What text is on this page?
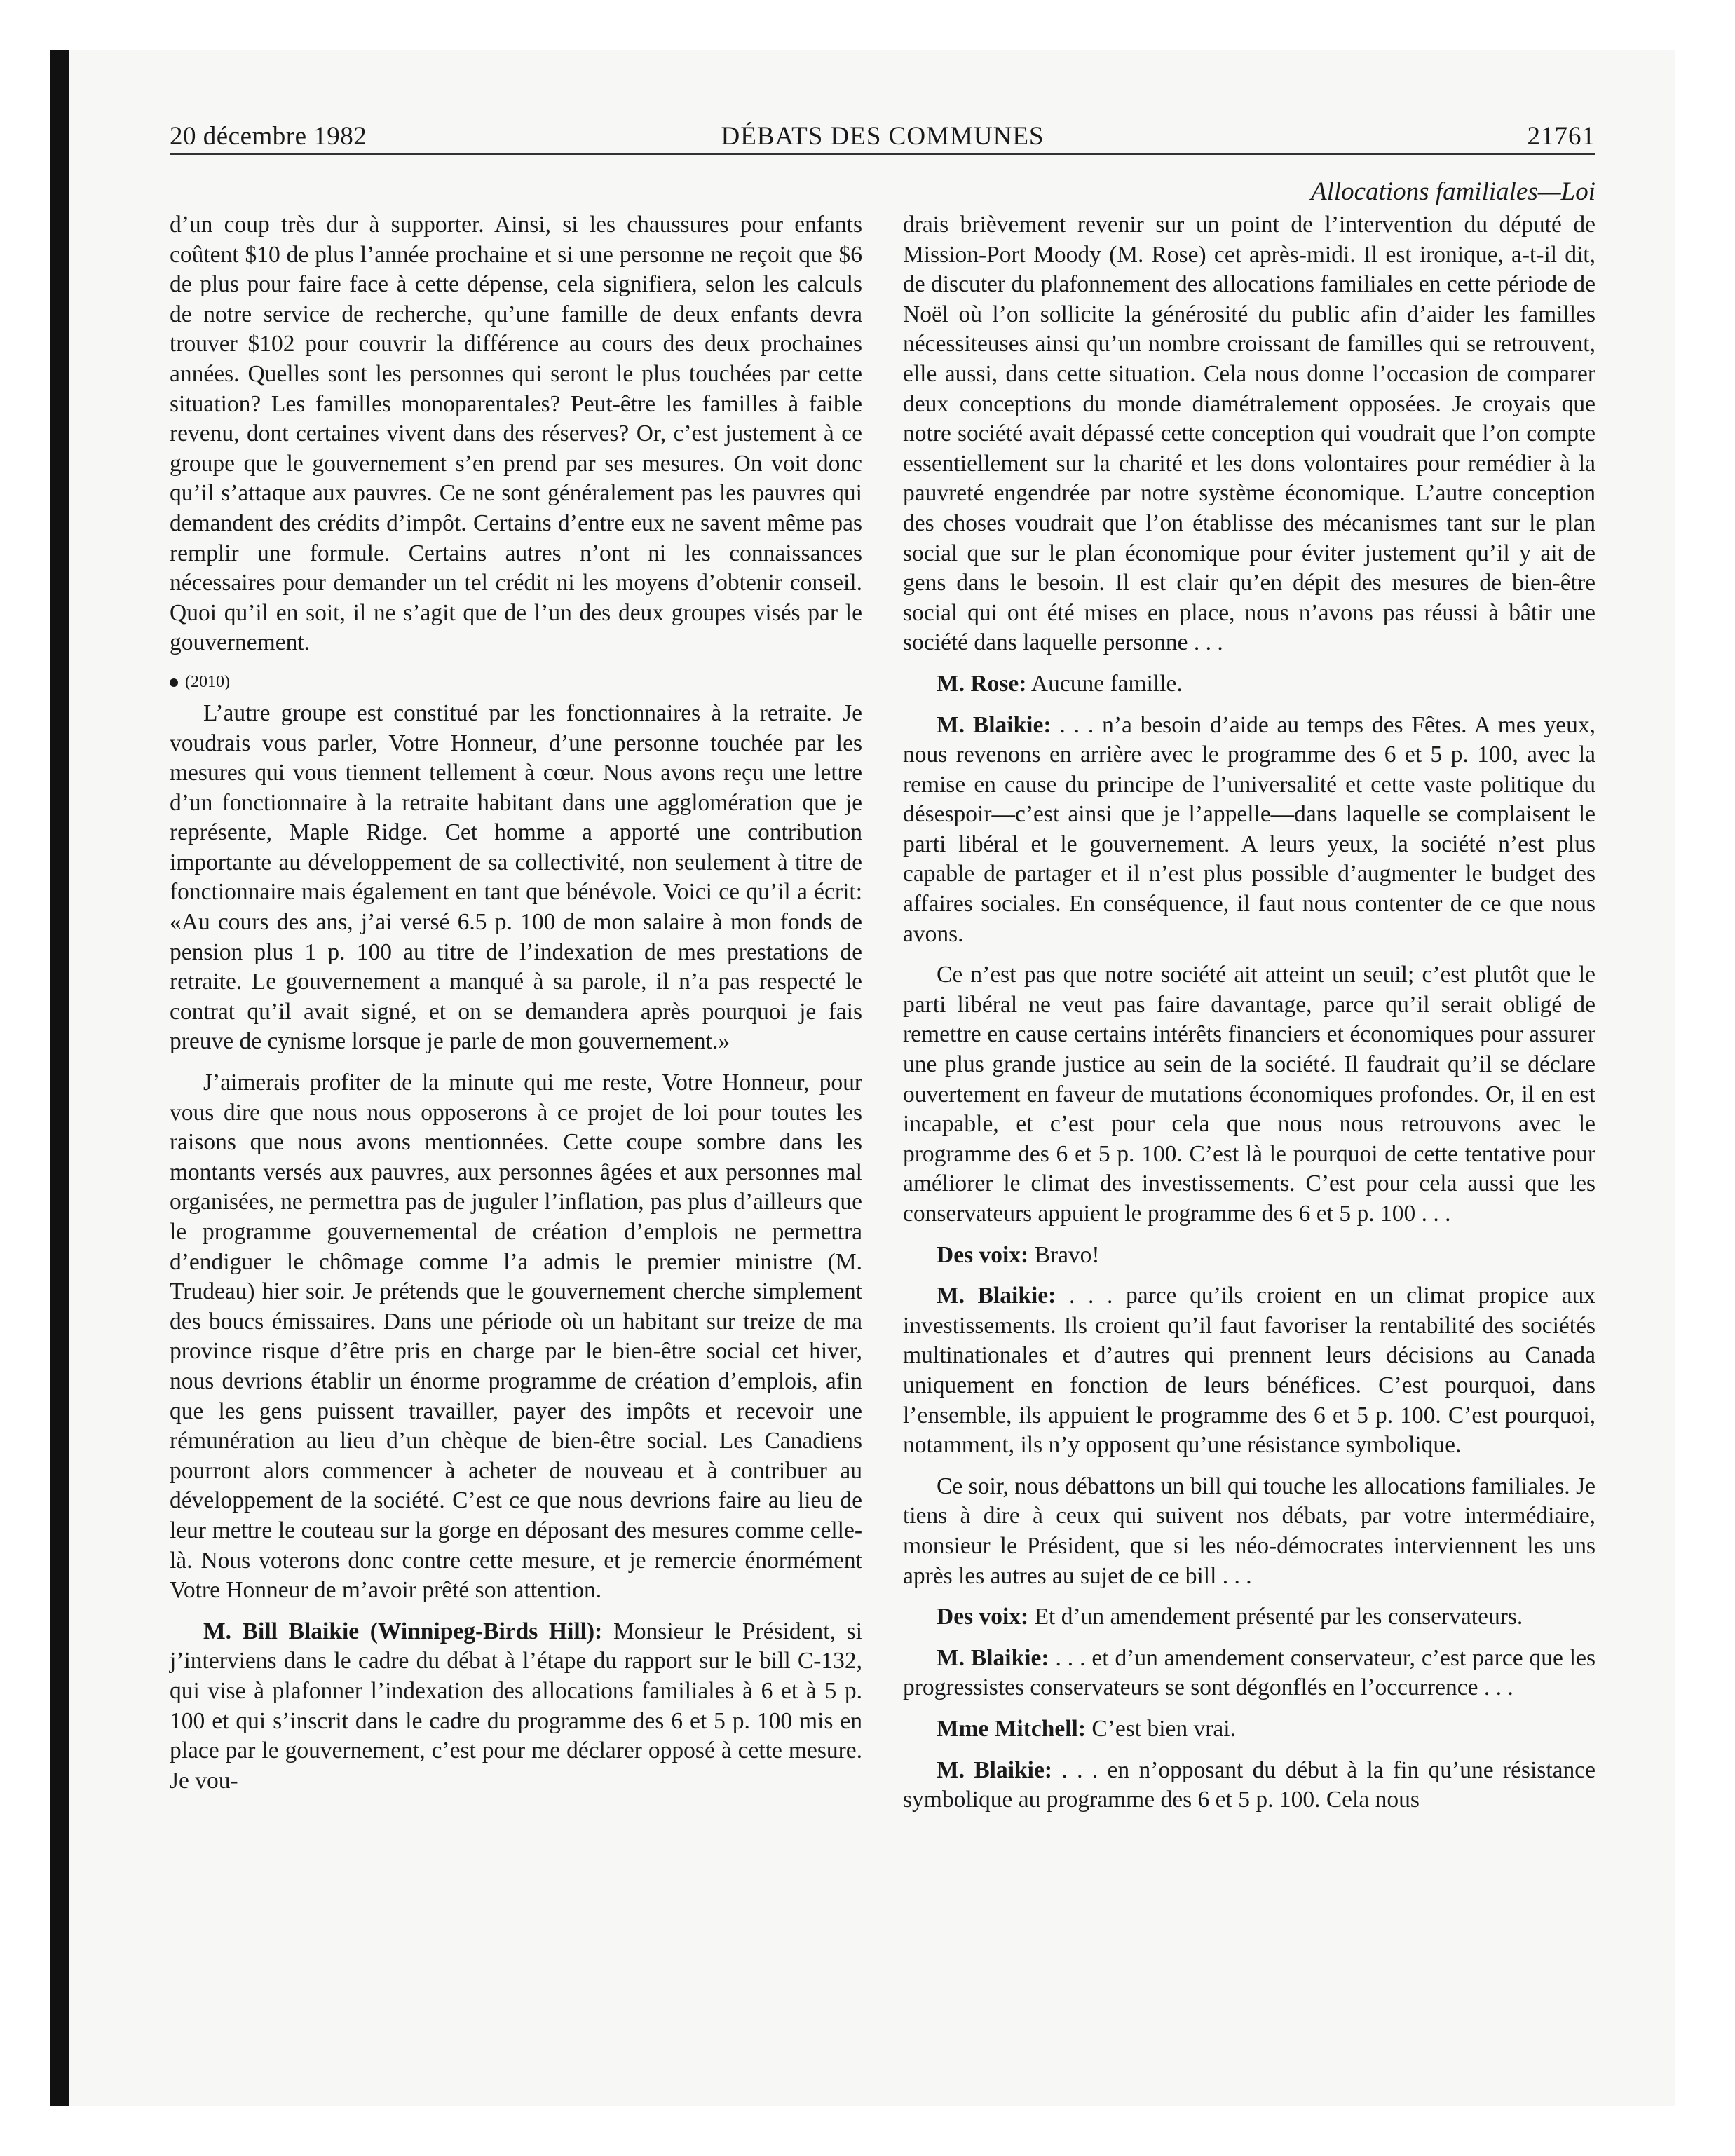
20 décembre 1982	DÉBATS DES COMMUNES	21761
Allocations familiales—Loi

d’un coup très dur à supporter. Ainsi, si les chaussures pour enfants coûtent $10 de plus l’année prochaine et si une personne ne reçoit que $6 de plus pour faire face à cette dépense, cela signifiera, selon les calculs de notre service de recherche, qu’une famille de deux enfants devra trouver $102 pour couvrir la différence au cours des deux prochaines années. Quelles sont les personnes qui seront le plus touchées par cette situation? Les familles monoparentales? Peut-être les familles à faible revenu, dont certaines vivent dans des réserves? Or, c’est justement à ce groupe que le gouvernement s’en prend par ses mesures. On voit donc qu’il s’attaque aux pauvres. Ce ne sont généralement pas les pauvres qui demandent des crédits d’impôt. Certains d’entre eux ne savent même pas remplir une formule. Certains autres n’ont ni les connaissances nécessaires pour demander un tel crédit ni les moyens d’obtenir conseil. Quoi qu’il en soit, il ne s’agit que de l’un des deux groupes visés par le gouvernement.

(2010)

L’autre groupe est constitué par les fonctionnaires à la retraite. Je voudrais vous parler, Votre Honneur, d’une personne touchée par les mesures qui vous tiennent tellement à cœur. Nous avons reçu une lettre d’un fonctionnaire à la retraite habitant dans une agglomération que je représente, Maple Ridge. Cet homme a apporté une contribution importante au développement de sa collectivité, non seulement à titre de fonctionnaire mais également en tant que bénévole. Voici ce qu’il a écrit: «Au cours des ans, j’ai versé 6.5 p. 100 de mon salaire à mon fonds de pension plus 1 p. 100 au titre de l’indexation de mes prestations de retraite. Le gouvernement a manqué à sa parole, il n’a pas respecté le contrat qu’il avait signé, et on se demandera après pourquoi je fais preuve de cynisme lorsque je parle de mon gouvernement.»

J’aimerais profiter de la minute qui me reste, Votre Honneur, pour vous dire que nous nous opposerons à ce projet de loi pour toutes les raisons que nous avons mentionnées. Cette coupe sombre dans les montants versés aux pauvres, aux personnes âgées et aux personnes mal organisées, ne permettra pas de juguler l’inflation, pas plus d’ailleurs que le programme gouvernemental de création d’emplois ne permettra d’endiguer le chômage comme l’a admis le premier ministre (M. Trudeau) hier soir. Je prétends que le gouvernement cherche simplement des boucs émissaires. Dans une période où un habitant sur treize de ma province risque d’être pris en charge par le bien-être social cet hiver, nous devrions établir un énorme programme de création d’emplois, afin que les gens puissent travailler, payer des impôts et recevoir une rémunération au lieu d’un chèque de bien-être social. Les Canadiens pourront alors commencer à acheter de nouveau et à contribuer au développement de la société. C’est ce que nous devrions faire au lieu de leur mettre le couteau sur la gorge en déposant des mesures comme celle-là. Nous voterons donc contre cette mesure, et je remercie énormément Votre Honneur de m’avoir prêté son attention.

M. Bill Blaikie (Winnipeg-Birds Hill): Monsieur le Président, si j’interviens dans le cadre du débat à l’étape du rapport sur le bill C-132, qui vise à plafonner l’indexation des allocations familiales à 6 et à 5 p. 100 et qui s’inscrit dans le cadre du programme des 6 et 5 p. 100 mis en place par le gouvernement, c’est pour me déclarer opposé à cette mesure. Je vou-

drais brièvement revenir sur un point de l’intervention du député de Mission-Port Moody (M. Rose) cet après-midi. Il est ironique, a-t-il dit, de discuter du plafonnement des allocations familiales en cette période de Noël où l’on sollicite la générosité du public afin d’aider les familles nécessiteuses ainsi qu’un nombre croissant de familles qui se retrouvent, elle aussi, dans cette situation. Cela nous donne l’occasion de comparer deux conceptions du monde diamétralement opposées. Je croyais que notre société avait dépassé cette conception qui voudrait que l’on compte essentiellement sur la charité et les dons volontaires pour remédier à la pauvreté engendrée par notre système économique. L’autre conception des choses voudrait que l’on établisse des mécanismes tant sur le plan social que sur le plan économique pour éviter justement qu’il y ait de gens dans le besoin. Il est clair qu’en dépit des mesures de bien-être social qui ont été mises en place, nous n’avons pas réussi à bâtir une société dans laquelle personne . . .

M. Rose: Aucune famille.

M. Blaikie: . . . n’a besoin d’aide au temps des Fêtes. A mes yeux, nous revenons en arrière avec le programme des 6 et 5 p. 100, avec la remise en cause du principe de l’universalité et cette vaste politique du désespoir—c’est ainsi que je l’appelle—dans laquelle se complaisent le parti libéral et le gouvernement. A leurs yeux, la société n’est plus capable de partager et il n’est plus possible d’augmenter le budget des affaires sociales. En conséquence, il faut nous contenter de ce que nous avons.

Ce n’est pas que notre société ait atteint un seuil; c’est plutôt que le parti libéral ne veut pas faire davantage, parce qu’il serait obligé de remettre en cause certains intérêts financiers et économiques pour assurer une plus grande justice au sein de la société. Il faudrait qu’il se déclare ouvertement en faveur de mutations économiques profondes. Or, il en est incapable, et c’est pour cela que nous nous retrouvons avec le programme des 6 et 5 p. 100. C’est là le pourquoi de cette tentative pour améliorer le climat des investissements. C’est pour cela aussi que les conservateurs appuient le programme des 6 et 5 p. 100 . . .

Des voix: Bravo!

M. Blaikie: . . . parce qu’ils croient en un climat propice aux investissements. Ils croient qu’il faut favoriser la rentabilité des sociétés multinationales et d’autres qui prennent leurs décisions au Canada uniquement en fonction de leurs bénéfices. C’est pourquoi, dans l’ensemble, ils appuient le programme des 6 et 5 p. 100. C’est pourquoi, notamment, ils n’y opposent qu’une résistance symbolique.

Ce soir, nous débattons un bill qui touche les allocations familiales. Je tiens à dire à ceux qui suivent nos débats, par votre intermédiaire, monsieur le Président, que si les néo-démocrates interviennent les uns après les autres au sujet de ce bill . . .

Des voix: Et d’un amendement présenté par les conservateurs.

M. Blaikie: . . . et d’un amendement conservateur, c’est parce que les progressistes conservateurs se sont dégonflés en l’occurrence . . .

Mme Mitchell: C’est bien vrai.

M. Blaikie: . . . en n’opposant du début à la fin qu’une résistance symbolique au programme des 6 et 5 p. 100. Cela nous
